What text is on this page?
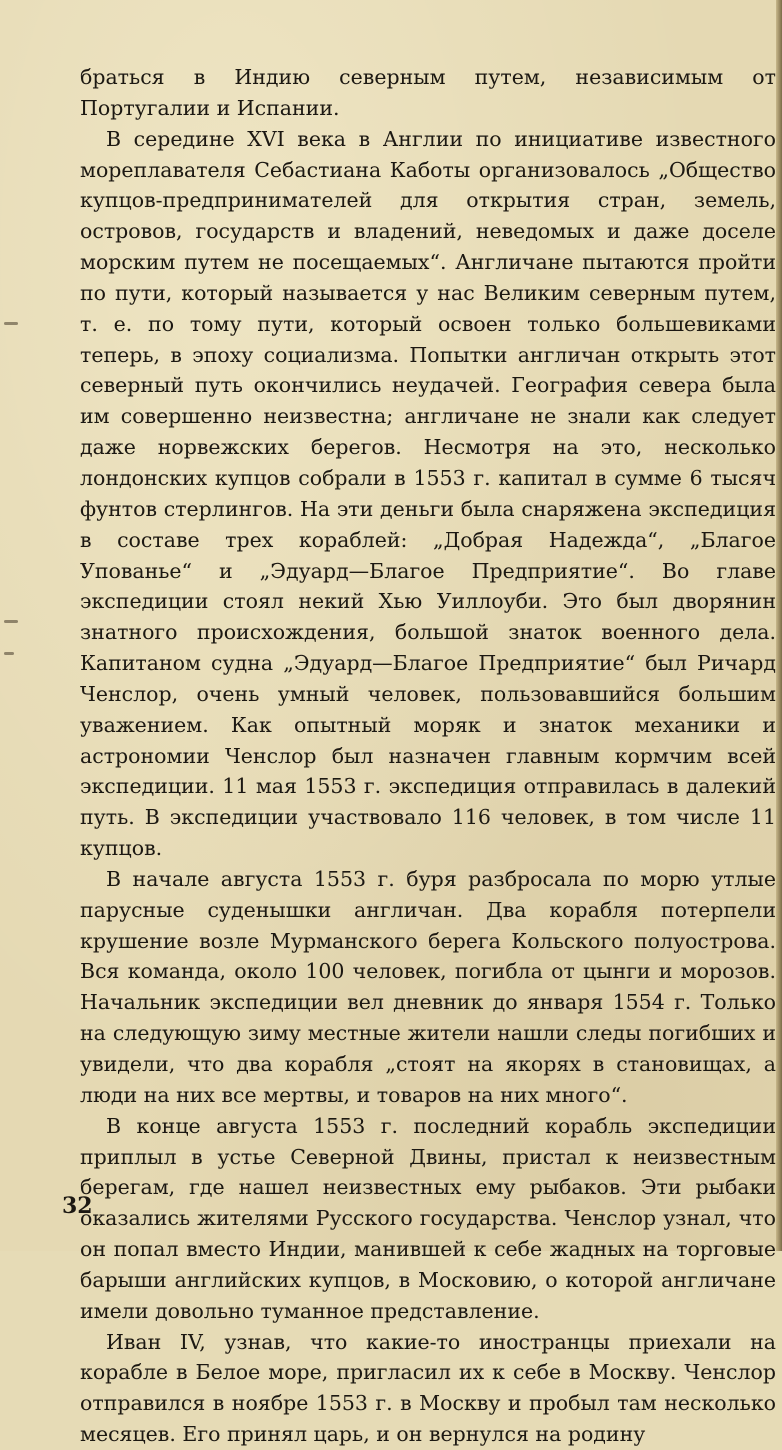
браться в Индию северным путем, независимым от Португалии и Испании.

В середине XVI века в Англии по инициативе известного мореплавателя Себастиана Каботы организовалось „Общество купцов-предпринимателей для открытия стран, земель, островов, государств и владений, неведомых и даже доселе морским путем не посещаемых“. Англичане пытаются пройти по пути, который называется у нас Великим северным путем, т. е. по тому пути, который освоен только большевиками теперь, в эпоху социализма. Попытки англичан открыть этот северный путь окончились неудачей. География севера была им совершенно неизвестна; англичане не знали как следует даже норвежских берегов. Несмотря на это, несколько лондонских купцов собрали в 1553 г. капитал в сумме 6 тысяч фунтов стерлингов. На эти деньги была снаряжена экспедиция в составе трех кораблей: „Добрая Надежда“, „Благое Упованье“ и „Эдуард—Благое Предприятие“. Во главе экспедиции стоял некий Хью Уиллоуби. Это был дворянин знатного происхождения, большой знаток военного дела. Капитаном судна „Эдуард—Благое Предприятие“ был Ричард Ченслор, очень умный человек, пользовавшийся большим уважением. Как опытный моряк и знаток механики и астрономии Ченслор был назначен главным кормчим всей экспедиции. 11 мая 1553 г. экспедиция отправилась в далекий путь. В экспедиции участвовало 116 человек, в том числе 11 купцов.

В начале августа 1553 г. буря разбросала по морю утлые парусные суденышки англичан. Два корабля потерпели крушение возле Мурманского берега Кольского полуострова. Вся команда, около 100 человек, погибла от цынги и морозов. Начальник экспедиции вел дневник до января 1554 г. Только на следующую зиму местные жители нашли следы погибших и увидели, что два корабля „стоят на якорях в становищах, а люди на них все мертвы, и товаров на них много“.

В конце августа 1553 г. последний корабль экспедиции приплыл в устье Северной Двины, пристал к неизвестным берегам, где нашел неизвестных ему рыбаков. Эти рыбаки оказались жителями Русского государства. Ченслор узнал, что он попал вместо Индии, манившей к себе жадных на торговые барыши английских купцов, в Московию, о которой англичане имели довольно туманное представление.

Иван IV, узнав, что какие-то иностранцы приехали на корабле в Белое море, пригласил их к себе в Москву. Ченслор отправился в ноябре 1553 г. в Москву и пробыл там несколько месяцев. Его принял царь, и он вернулся на родину

32
